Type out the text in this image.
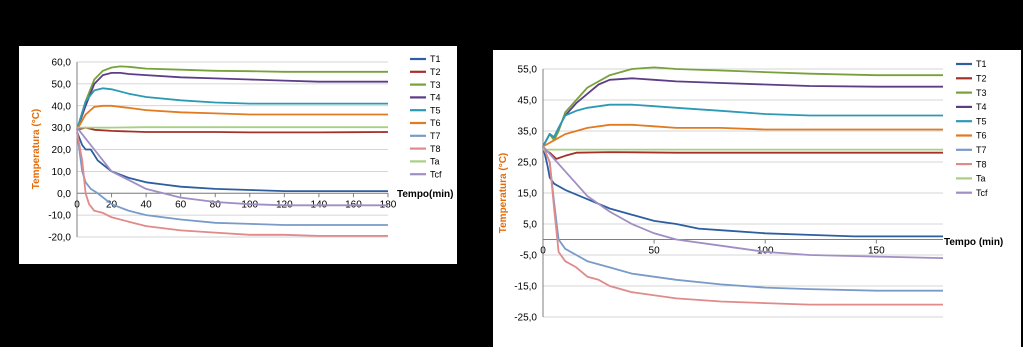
-20,0
-10,0
0,0
10,0
20,0
30,0
40,0
50,0
60,0
0	20 40 60 80 100 120 140 160 180
Tempo(min)
Temperatura (°C)
T1
T2
T3
T4
T5
T6
T7
T8
Ta
Tcf
-25,0
-15,0
-5,0
5,0
15,0
25,0
35,0
45,0
55,0
0	50	100	150
Tempo (min)
Temperatura (°C)
T1
T2
T3
T4
T5
T6
T7
T8
Ta
Tcf
